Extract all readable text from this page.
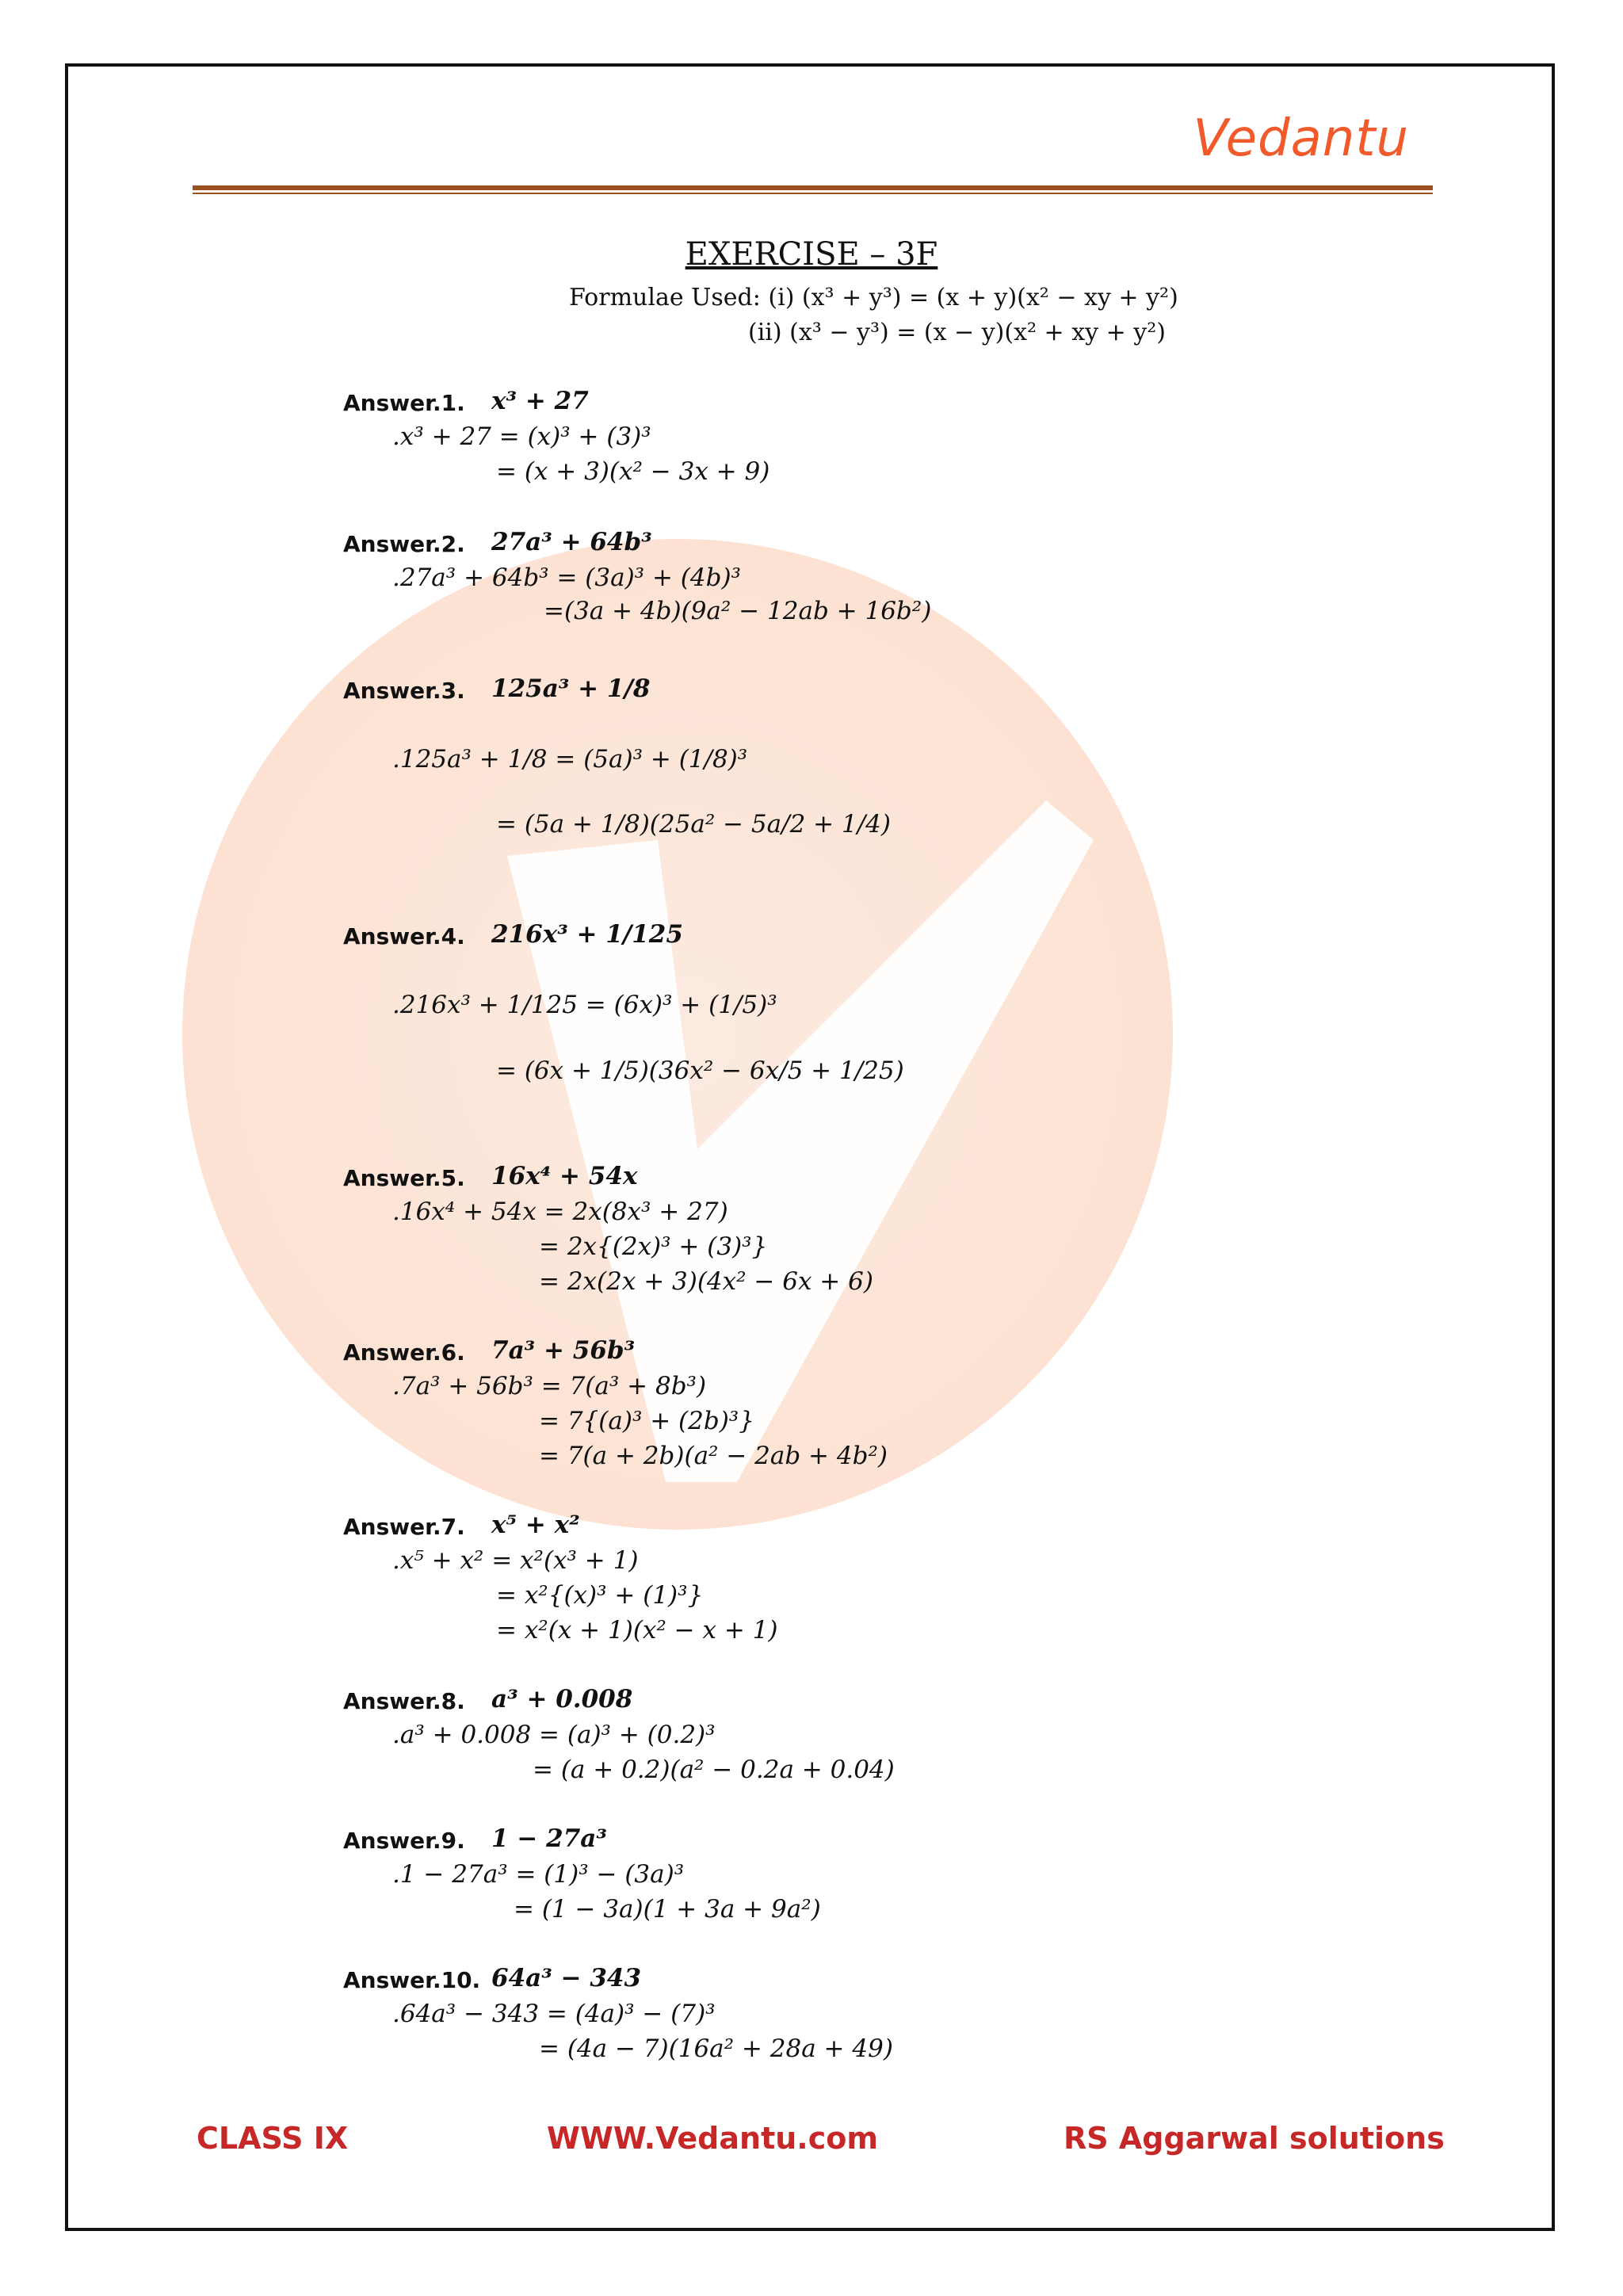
Vedantu
EXERCISE – 3F
Formulae Used: (i) (x³ + y³) = (x + y)(x² − xy + y²)
(ii) (x³ − y³) = (x − y)(x² + xy + y²)
Answer.1. x³ + 27
.x³ + 27 = (x)³ + (3)³
= (x + 3)(x² − 3x + 9)
Answer.2. 27a³ + 64b³
.27a³ + 64b³ = (3a)³ + (4b)³
=(3a + 4b)(9a² − 12ab + 16b²)
Answer.3. 125a³ + 1/8
.125a³ + 1/8 = (5a)³ + (1/8)³
= (5a + 1/8)(25a² − 5a/2 + 1/4)
Answer.4. 216x³ + 1/125
.216x³ + 1/125 = (6x)³ + (1/5)³
= (6x + 1/5)(36x² − 6x/5 + 1/25)
Answer.5. 16x⁴ + 54x
.16x⁴ + 54x = 2x(8x³ + 27)
= 2x{(2x)³ + (3)³}
= 2x(2x + 3)(4x² − 6x + 6)
Answer.6. 7a³ + 56b³
.7a³ + 56b³ = 7(a³ + 8b³)
= 7{(a)³ + (2b)³}
= 7(a + 2b)(a² − 2ab + 4b²)
Answer.7. x⁵ + x²
.x⁵ + x² = x²(x³ + 1)
= x²{(x)³ + (1)³}
= x²(x + 1)(x² − x + 1)
Answer.8. a³ + 0.008
.a³ + 0.008 = (a)³ + (0.2)³
= (a + 0.2)(a² − 0.2a + 0.04)
Answer.9. 1 − 27a³
.1 − 27a³ = (1)³ − (3a)³
= (1 − 3a)(1 + 3a + 9a²)
Answer.10. 64a³ − 343
.64a³ − 343 = (4a)³ − (7)³
= (4a − 7)(16a² + 28a + 49)
CLASS IX	WWW.Vedantu.com	RS Aggarwal solutions
